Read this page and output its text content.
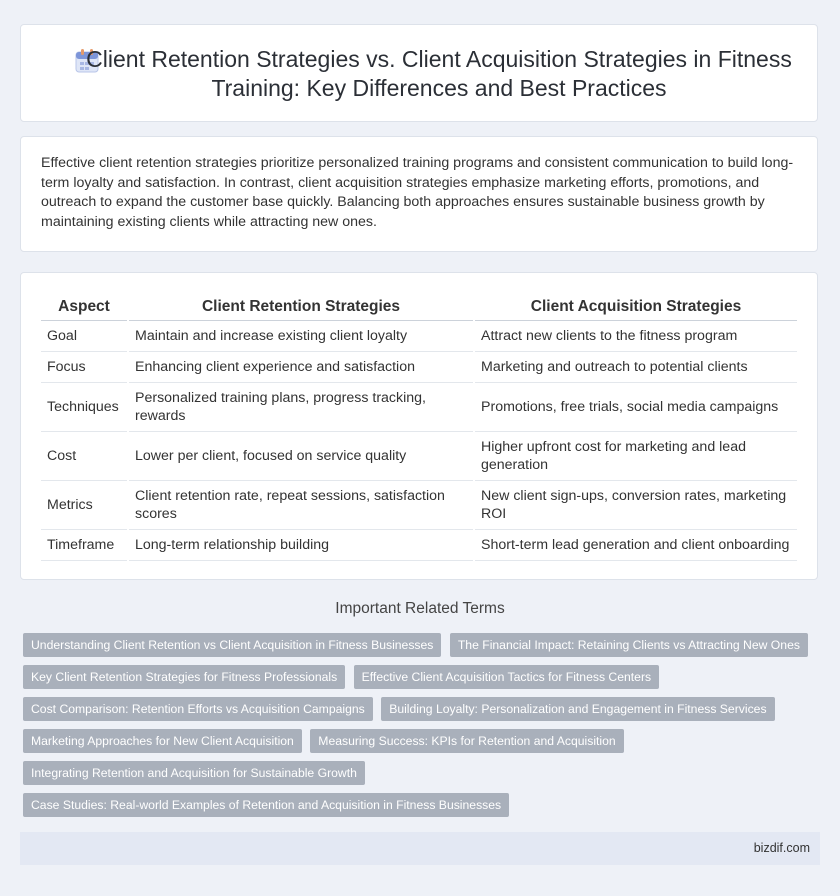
Client Retention Strategies vs. Client Acquisition Strategies in Fitness Training: Key Differences and Best Practices

Effective client retention strategies prioritize personalized training programs and consistent communication to build long-term loyalty and satisfaction. In contrast, client acquisition strategies emphasize marketing efforts, promotions, and outreach to expand the customer base quickly. Balancing both approaches ensures sustainable business growth by maintaining existing clients while attracting new ones.

Aspect	Client Retention Strategies	Client Acquisition Strategies
Goal	Maintain and increase existing client loyalty	Attract new clients to the fitness program
Focus	Enhancing client experience and satisfaction	Marketing and outreach to potential clients
Techniques	Personalized training plans, progress tracking, rewards	Promotions, free trials, social media campaigns
Cost	Lower per client, focused on service quality	Higher upfront cost for marketing and lead generation
Metrics	Client retention rate, repeat sessions, satisfaction scores	New client sign-ups, conversion rates, marketing ROI
Timeframe	Long-term relationship building	Short-term lead generation and client onboarding
Important Related Terms
Understanding Client Retention vs Client Acquisition in Fitness Businesses The Financial Impact: Retaining Clients vs Attracting New Ones Key Client Retention Strategies for Fitness Professionals Effective Client Acquisition Tactics for Fitness Centers Cost Comparison: Retention Efforts vs Acquisition Campaigns Building Loyalty: Personalization and Engagement in Fitness Services Marketing Approaches for New Client Acquisition Measuring Success: KPIs for Retention and Acquisition Integrating Retention and Acquisition for Sustainable Growth Case Studies: Real-world Examples of Retention and Acquisition in Fitness Businesses
bizdif.com
